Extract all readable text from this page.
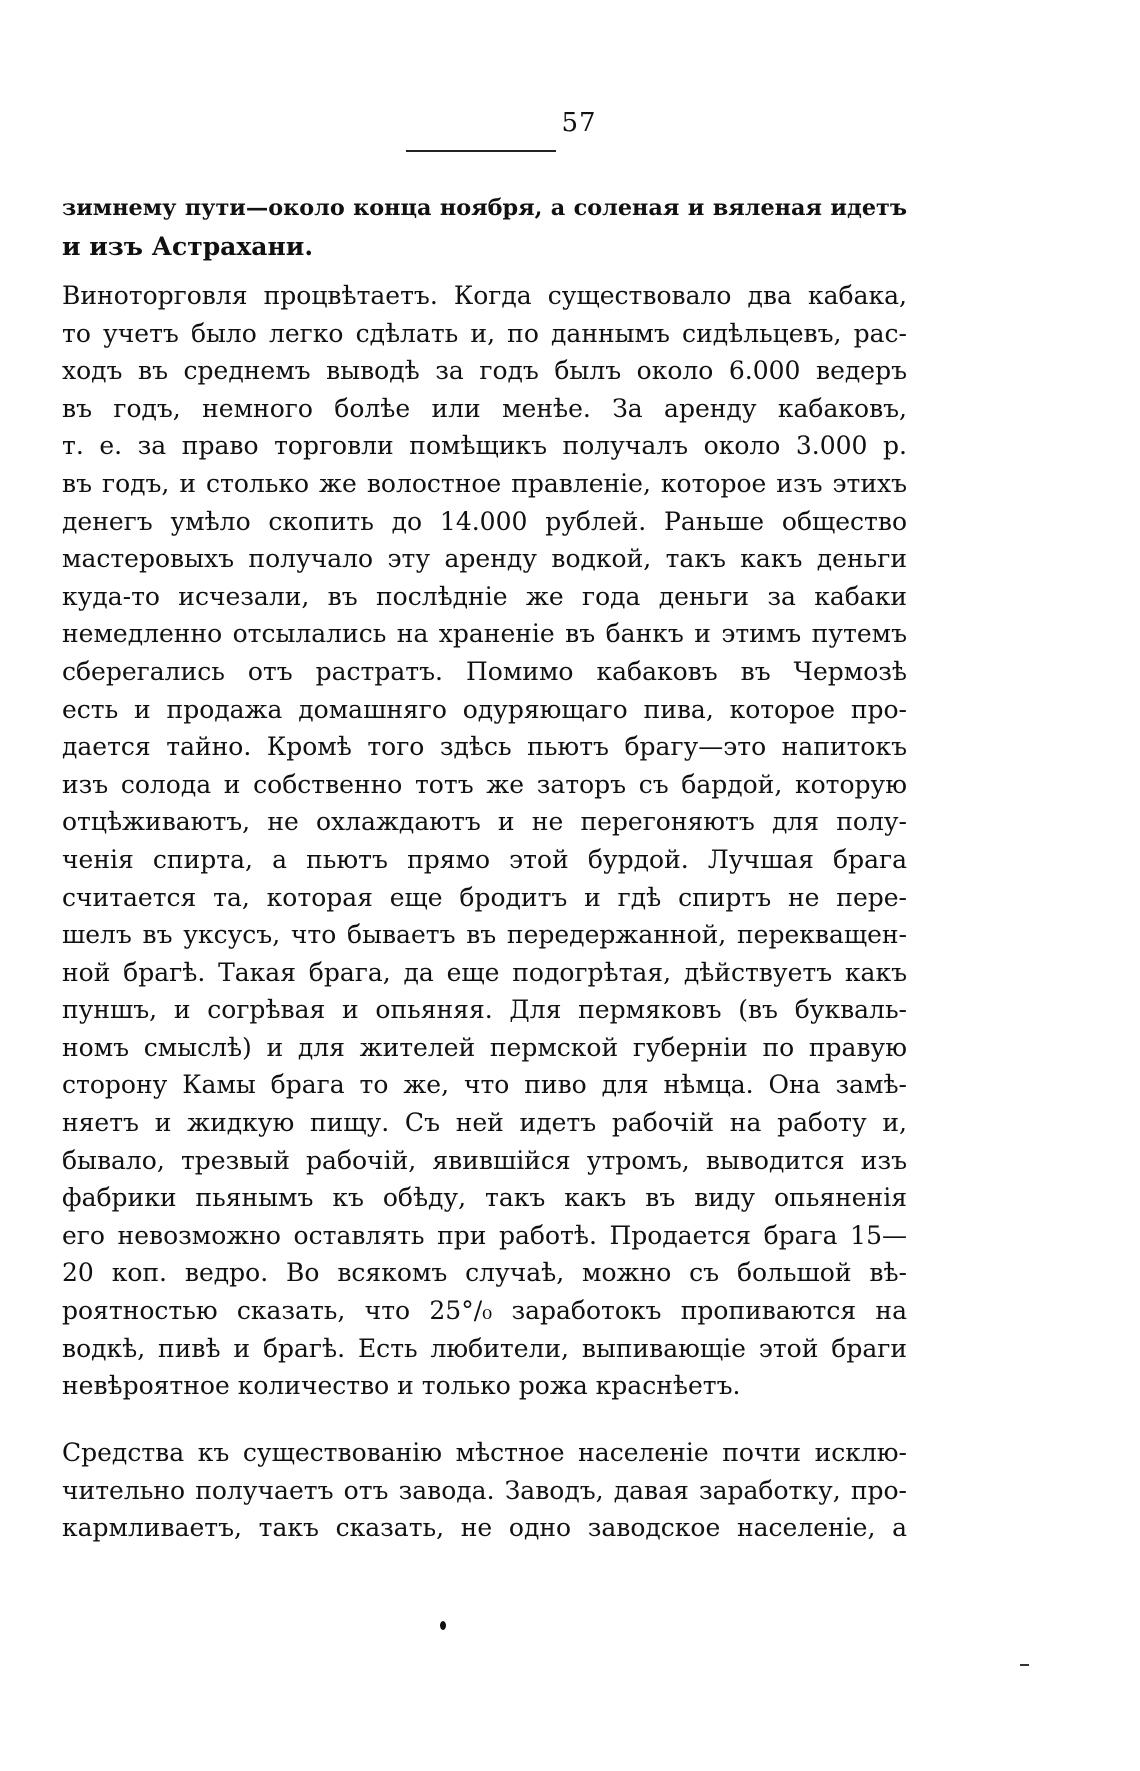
57
зимнему пути—около конца ноября, а соленая и вяленая идетъ
и изъ Астрахани.
Виноторговля процвѣтаетъ. Когда существовало два кабака,
то учетъ было легко сдѣлать и, по даннымъ сидѣльцевъ, рас-
ходъ въ среднемъ выводѣ за годъ былъ около 6.000 ведеръ
въ годъ, немного болѣе или менѣе. За аренду кабаковъ,
т. е. за право торговли помѣщикъ получалъ около 3.000 р.
въ годъ, и столько же волостное правленіе, которое изъ этихъ
денегъ умѣло скопить до 14.000 рублей. Раньше общество
мастеровыхъ получало эту аренду водкой, такъ какъ деньги
куда-то исчезали, въ послѣдніе же года деньги за кабаки
немедленно отсылались на храненіе въ банкъ и этимъ путемъ
сберегались отъ растратъ. Помимо кабаковъ въ Чермозѣ
есть и продажа домашняго одуряющаго пива, которое про-
дается тайно. Кромѣ того здѣсь пьютъ брагу—это напитокъ
изъ солода и собственно тотъ же заторъ съ бардой, которую
отцѣживаютъ, не охлаждаютъ и не перегоняютъ для полу-
ченія спирта, а пьютъ прямо этой бурдой. Лучшая брага
считается та, которая еще бродитъ и гдѣ спиртъ не пере-
шелъ въ уксусъ, что бываетъ въ передержанной, перекващен-
ной брагѣ. Такая брага, да еще подогрѣтая, дѣйствуетъ какъ
пуншъ, и согрѣвая и опьяняя. Для пермяковъ (въ букваль-
номъ смыслѣ) и для жителей пермской губерніи по правую
сторону Камы брага то же, что пиво для нѣмца. Она замѣ-
няетъ и жидкую пищу. Съ ней идетъ рабочій на работу и,
бывало, трезвый рабочій, явившійся утромъ, выводится изъ
фабрики пьянымъ къ обѣду, такъ какъ въ виду опьяненія
его невозможно оставлять при работѣ. Продается брага 15—
20 коп. ведро. Во всякомъ случаѣ, можно съ большой вѣ-
роятностью сказать, что 25°/₀ заработокъ пропиваются на
водкѣ, пивѣ и брагѣ. Есть любители, выпивающіе этой браги
невѣроятное количество и только рожа краснѣетъ.
Средства къ существованію мѣстное населеніе почти исклю-
чительно получаетъ отъ завода. Заводъ, давая заработку, про-
кармливаетъ, такъ сказать, не одно заводское населеніе, а
